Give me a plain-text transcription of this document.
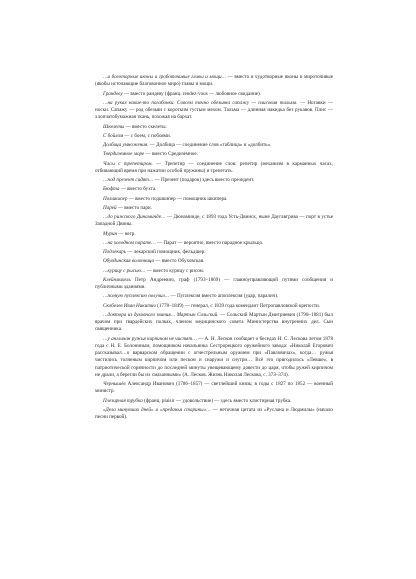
…и боготорные иконы и гроботочивые главы и мощи… — вместо и чудотворные иконы и мироточивые (якобы источающие благовонное миро) главы и мощи.

Грандеву — вместо рандеву (франц. rendez-vous — любовное свидание).

…на руках какие-то погабонки. Совсем точно обезьяна сапажу — плисовая тальма. — Ногавки — носки. Сапажу — род обезьян с коротким густым мехом. Тальма — длинная накидка без рукавов. Плис — хлопчатобумажная ткань, похожая на бархат.

Шкелеты — вместо скелеты.

С бойлом — с боем, с побоями.

Долбица умножения. — Долбица — соединение слов «таблица» и «долбить».

Твердиземное море — вместо Средиземное.

Часы с трепетиром. — Трепетир — соединение слов: репетир (механизм в карманных часах, отбивающий время при нажатии особой пружины) и трепетать.

…под презент сидят… — Презент (подарок) здесь вместо президент.

Бюфта — вместо бухта.

Полшкипер — вместо подшкипер — помощник шкипера.

Парей — вместо пари.

…до рижского Динаминде… — Дюнаминде, с 1893 года Усть-Двинск, ныне Даугавгрива — порт в устье Западной Двины.

Мурин — негр.

…на холодном парате… — Парат — вероятно, вместо парадное крыльцо.

Подлекарь — лекарский помощник, фельдшер.

Обувдинская волонница — вместо Обуховская.

…курицу с рысью… — вместо курицу с рисом.

Клейнмихель Петр Андреевич, граф (1793–1869) — главноуправляющий путями сообщения и публичными зданиями.

…полную пуплексию получил… — Пуплексия вместо апоплексия (удар, паралич).

Скобелев Иван Никитич (1778–1849) — генерал, с 1839 года комендант Петропавловской крепости.

…доктора из духовного звания… Мартын Сольский. — Сольский Мартын Дмитриевич (1798–1881) был врачом при гвардейских полках, членом медицинского совета Министерства внутренних дел. Сын священника.

…у англичан ружья кирпичом не чистят… — А. Н. Лесков сообщает о беседах Н. С. Лескова летом 1878 года с Н. Е. Болониным, помощником начальника Сестрорецкого оружейного завода: «Николай Егорович рассказывал…о варварском обращении с огнестрельным оружием при «Павловичах», когда… ружья чистились толченым кирпичом или песком и снаружи и снутри… Всё это пригодилось «Левше», в патриотической горячности до последней минуты увещевающему довести до царя, чтобы ружей кирпичом не драли, а берегли бы их смазанными» (А. Лесков. Жизнь Николая Лескова, с. 373–374).

Чернышёв Александр Иванович (1786–1857) — светлейший князь; в годы с 1827 по 1852 — военный министр.

Плезирная трубка (франц. plaisir — удовольствие) — здесь вместо клистирная трубка.

«Дела минувших дней» и «преданья старины»… — неточная цитата из «Руслана и Людмилы» (начало песни первой).
